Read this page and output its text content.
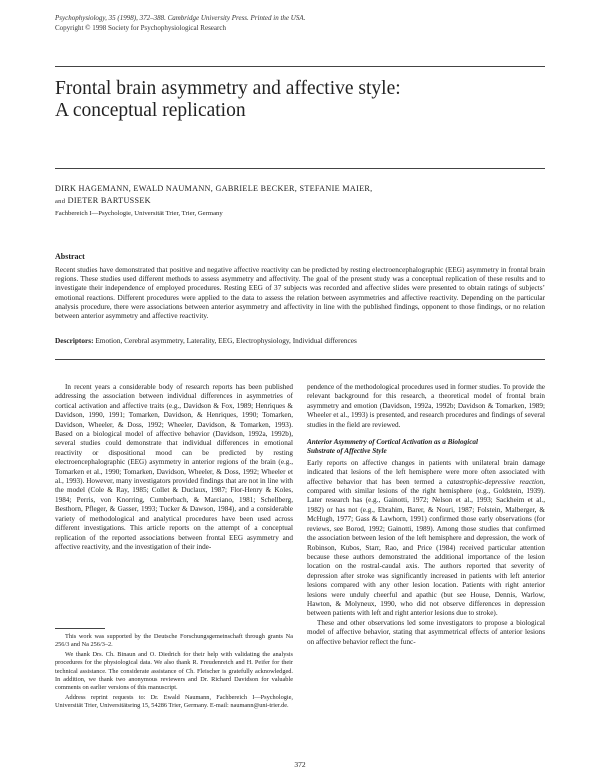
Psychophysiology, 35 (1998), 372–388. Cambridge University Press. Printed in the USA.
Copyright © 1998 Society for Psychophysiological Research
Frontal brain asymmetry and affective style:
A conceptual replication
DIRK HAGEMANN, EWALD NAUMANN, GABRIELE BECKER, STEFANIE MAIER,
and DIETER BARTUSSEK
Fachbereich I—Psychologie, Universität Trier, Trier, Germany
Abstract
Recent studies have demonstrated that positive and negative affective reactivity can be predicted by resting electroencephalographic (EEG) asymmetry in frontal brain regions. These studies used different methods to assess asymmetry and affectivity. The goal of the present study was a conceptual replication of these results and to investigate their independence of employed procedures. Resting EEG of 37 subjects was recorded and affective slides were presented to obtain ratings of subjects’ emotional reactions. Different procedures were applied to the data to assess the relation between asymmetries and affective reactivity. Depending on the particular analysis procedure, there were associations between anterior asymmetry and affectivity in line with the published findings, opponent to those findings, or no relation between anterior asymmetry and affective reactivity.
Descriptors: Emotion, Cerebral asymmetry, Laterality, EEG, Electrophysiology, Individual differences
In recent years a considerable body of research reports has been published addressing the association between individual differences in asymmetries of cortical activation and affective traits (e.g., Davidson & Fox, 1989; Henriques & Davidson, 1990, 1991; Tomarken, Davidson, & Henriques, 1990; Tomarken, Davidson, Wheeler, & Doss, 1992; Wheeler, Davidson, & Tomarken, 1993). Based on a biological model of affective behavior (Davidson, 1992a, 1992b), several studies could demonstrate that individual differences in emotional reactivity or dispositional mood can be predicted by resting electroencephalographic (EEG) asymmetry in anterior regions of the brain (e.g., Tomarken et al., 1990; Tomarken, Davidson, Wheeler, & Doss, 1992; Wheeler et al., 1993). However, many investigators provided findings that are not in line with the model (Cole & Ray, 1985; Collet & Duclaux, 1987; Flor-Henry & Koles, 1984; Perris, von Knorring, Cumberbach, & Marciano, 1981; Schellberg, Besthorn, Pfleger, & Gasser, 1993; Tucker & Dawson, 1984), and a considerable variety of methodological and analytical procedures have been used across different investigations. This article reports on the attempt of a conceptual replication of the reported associations between frontal EEG asymmetry and affective reactivity, and the investigation of their inde-

This work was supported by the Deutsche Forschungsgemeinschaft through grants Na 256/3 and Na 256/3–2.

We thank Drs. Ch. Binaun and O. Diedrich for their help with validating the analysis procedures for the physiological data. We also thank R. Freudenreich and H. Peifer for their technical assistance. The considerate assistance of Ch. Fleischer is gratefully acknowledged. In addition, we thank two anonymous reviewers and Dr. Richard Davidson for valuable comments on earlier versions of this manuscript.

Address reprint requests to: Dr. Ewald Naumann, Fachbereich I—Psychologie, Universität Trier, Universitätsring 15, 54286 Trier, Germany. E-mail: naumann@uni-trier.de.

pendence of the methodological procedures used in former studies. To provide the relevant background for this research, a theoretical model of frontal brain asymmetry and emotion (Davidson, 1992a, 1992b; Davidson & Tomarken, 1989; Wheeler et al., 1993) is presented, and research procedures and findings of several studies in the field are reviewed.

Anterior Asymmetry of Cortical Activation as a Biological
Substrate of Affective Style

Early reports on affective changes in patients with unilateral brain damage indicated that lesions of the left hemisphere were more often associated with affective behavior that has been termed a catastrophic-depressive reaction, compared with similar lesions of the right hemisphere (e.g., Goldstein, 1939). Later research has (e.g., Gainotti, 1972; Nelson et al., 1993; Sackheim et al., 1982) or has not (e.g., Ebrahim, Barer, & Nouri, 1987; Folstein, Malberger, & McHugh, 1977; Gass & Lawhorn, 1991) confirmed those early observations (for reviews, see Borod, 1992; Gainotti, 1989). Among those studies that confirmed the association between lesion of the left hemisphere and depression, the work of Robinson, Kubos, Starr, Rao, and Price (1984) received particular attention because these authors demonstrated the additional importance of the lesion location on the rostral-caudal axis. The authors reported that severity of depression after stroke was significantly increased in patients with left anterior lesions compared with any other lesion location. Patients with right anterior lesions were unduly cheerful and apathic (but see House, Dennis, Warlow, Hawton, & Molyneux, 1990, who did not observe differences in depression between patients with left and right anterior lesions due to stroke).

These and other observations led some investigators to propose a biological model of affective behavior, stating that asymmetrical effects of anterior lesions on affective behavior reflect the func-

372
